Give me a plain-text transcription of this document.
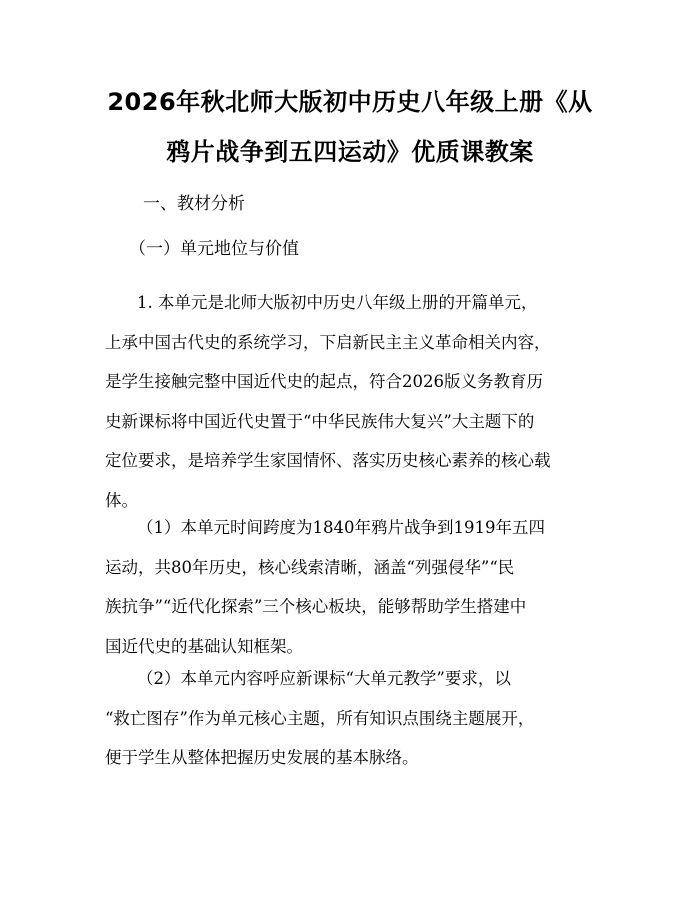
2026年秋北师大版初中历史八年级上册《从
鸦片战争到五四运动》优质课教案
一、教材分析
（一）单元地位与价值
1. 本单元是北师大版初中历史八年级上册的开篇单元，
上承中国古代史的系统学习，下启新民主主义革命相关内容，
是学生接触完整中国近代史的起点，符合2026版义务教育历
史新课标将中国近代史置于“中华民族伟大复兴”大主题下的
定位要求，是培养学生家国情怀、落实历史核心素养的核心载
体。
（1）本单元时间跨度为1840年鸦片战争到1919年五四
运动，共80年历史，核心线索清晰，涵盖“列强侵华”“民
族抗争”“近代化探索”三个核心板块，能够帮助学生搭建中
国近代史的基础认知框架。
（2）本单元内容呼应新课标“大单元教学”要求，以
“救亡图存”作为单元核心主题，所有知识点围绕主题展开，
便于学生从整体把握历史发展的基本脉络。
